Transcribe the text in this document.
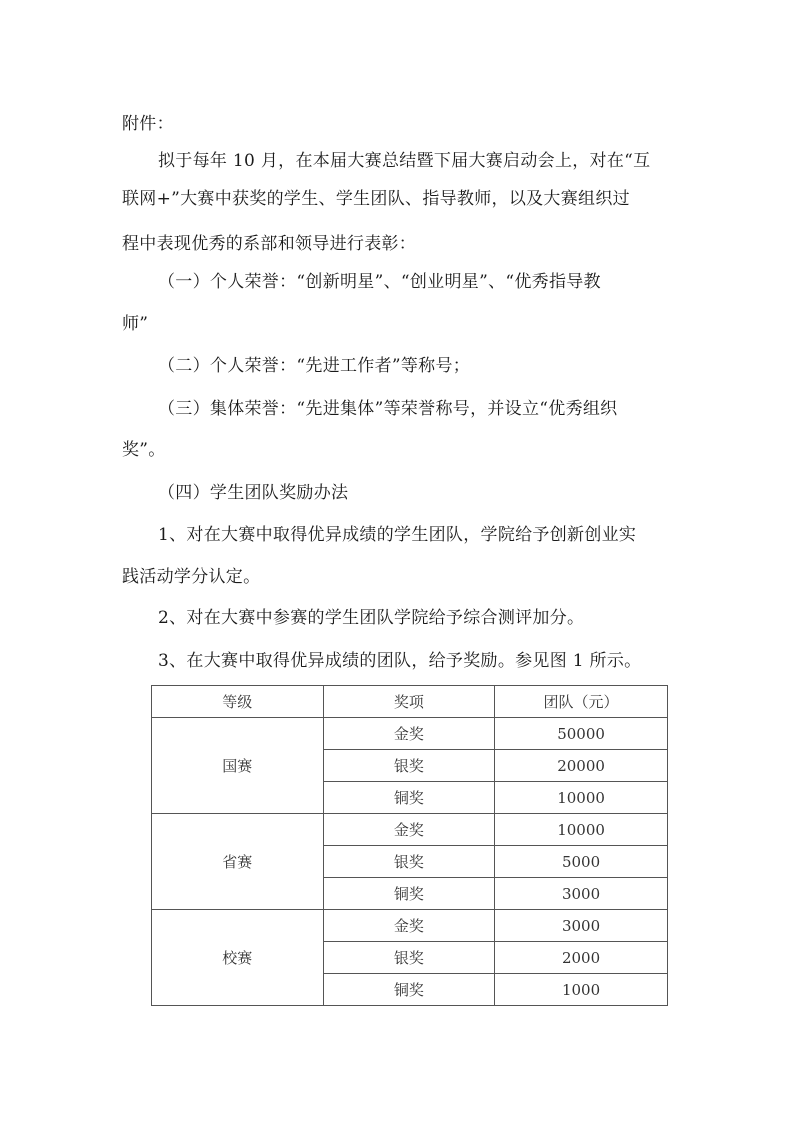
附件：
拟于每年 10 月，在本届大赛总结暨下届大赛启动会上，对在“互
联网+”大赛中获奖的学生、学生团队、指导教师，以及大赛组织过
程中表现优秀的系部和领导进行表彰：
（一）个人荣誉：“创新明星”、“创业明星”、“优秀指导教
师”
（二）个人荣誉：“先进工作者”等称号；
（三）集体荣誉：“先进集体”等荣誉称号，并设立“优秀组织
奖”。
（四）学生团队奖励办法
1、对在大赛中取得优异成绩的学生团队，学院给予创新创业实
践活动学分认定。
2、对在大赛中参赛的学生团队学院给予综合测评加分。
3、在大赛中取得优异成绩的团队，给予奖励。参见图 1 所示。
等级	奖项	团队（元）
国赛	金奖	50000
	银奖	20000
	铜奖	10000
省赛	金奖	10000
	银奖	5000
	铜奖	3000
校赛	金奖	3000
	银奖	2000
	铜奖	1000
